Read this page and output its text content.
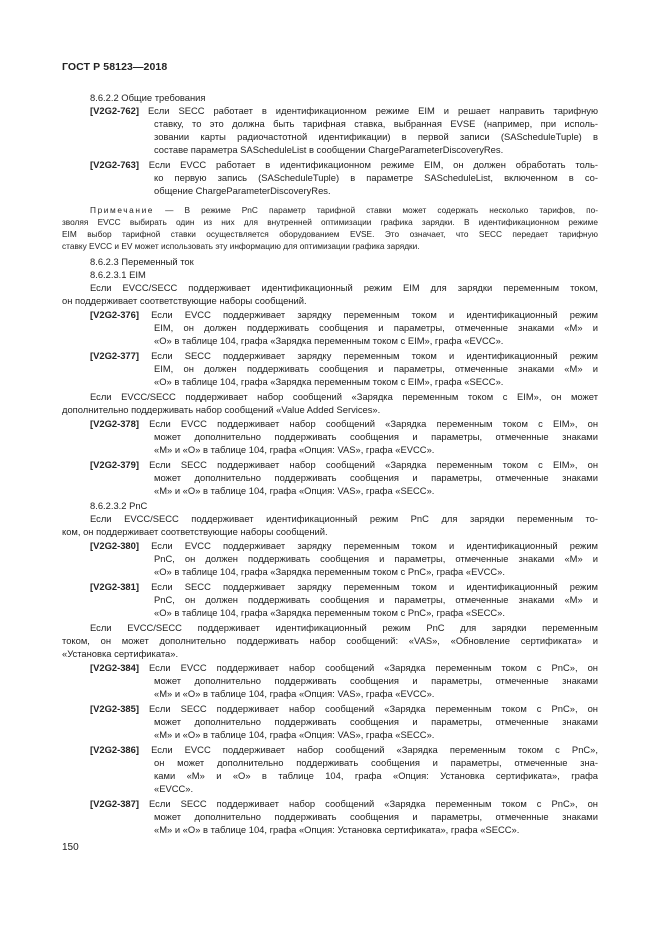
ГОСТ Р 58123—2018
8.6.2.2 Общие требования
[V2G2-762] Если SECC работает в идентификационном режиме EIM и решает направить тарифную
ставку, то это должна быть тарифная ставка, выбранная EVSE (например, при исполь-
зовании карты радиочастотной идентификации) в первой записи (SAScheduleTuple) в
составе параметра SAScheduleList в сообщении ChargeParameterDiscoveryRes.
[V2G2-763] Если EVCC работает в идентификационном режиме EIM, он должен обработать толь-
ко первую запись (SAScheduleTuple) в параметре SAScheduleList, включенном в со-
общение ChargeParameterDiscoveryRes.
8.6.2.3 Переменный ток
8.6.2.3.1 EIM
Если EVCC/SECC поддерживает идентификационный режим EIM для зарядки переменным током,
он поддерживает соответствующие наборы сообщений.
[V2G2-376] Если EVCC поддерживает зарядку переменным током и идентификационный режим
EIM, он должен поддерживать сообщения и параметры, отмеченные знаками «M» и
«O» в таблице 104, графа «Зарядка переменным током с EIM», графа «EVCC».
[V2G2-377] Если SECC поддерживает зарядку переменным током и идентификационный режим
EIM, он должен поддерживать сообщения и параметры, отмеченные знаками «M» и
«O» в таблице 104, графа «Зарядка переменным током с EIM», графа «SECC».
Если EVCC/SECC поддерживает набор сообщений «Зарядка переменным током с EIM», он может
дополнительно поддерживать набор сообщений «Value Added Services».
[V2G2-378] Если EVCC поддерживает набор сообщений «Зарядка переменным током с EIM», он
может дополнительно поддерживать сообщения и параметры, отмеченные знаками
«M» и «O» в таблице 104, графа «Опция: VAS», графа «EVCC».
[V2G2-379] Если SECC поддерживает набор сообщений «Зарядка переменным током с EIM», он
может дополнительно поддерживать сообщения и параметры, отмеченные знаками
«M» и «O» в таблице 104, графа «Опция: VAS», графа «SECC».
8.6.2.3.2 PnC
Если EVCC/SECC поддерживает идентификационный режим PnC для зарядки переменным то-
ком, он поддерживает соответствующие наборы сообщений.
[V2G2-380] Если EVCC поддерживает зарядку переменным током и идентификационный режим
PnC, он должен поддерживать сообщения и параметры, отмеченные знаками «M» и
«O» в таблице 104, графа «Зарядка переменным током с PnC», графа «EVCC».
[V2G2-381] Если SECC поддерживает зарядку переменным током и идентификационный режим
PnC, он должен поддерживать сообщения и параметры, отмеченные знаками «M» и
«O» в таблице 104, графа «Зарядка переменным током с PnC», графа «SECC».
Если EVCC/SECC поддерживает идентификационный режим PnC для зарядки переменным
током, он может дополнительно поддерживать набор сообщений: «VAS», «Обновление сертификата» и
«Установка сертификата».
[V2G2-384] Если EVCC поддерживает набор сообщений «Зарядка переменным током с PnC», он
может дополнительно поддерживать сообщения и параметры, отмеченные знаками
«M» и «O» в таблице 104, графа «Опция: VAS», графа «EVCC».
[V2G2-385] Если SECC поддерживает набор сообщений «Зарядка переменным током с PnC», он
может дополнительно поддерживать сообщения и параметры, отмеченные знаками
«M» и «O» в таблице 104, графа «Опция: VAS», графа «SECC».
[V2G2-386] Если EVCC поддерживает набор сообщений «Зарядка переменным током с PnC»,
он может дополнительно поддерживать сообщения и параметры, отмеченные зна-
ками «M» и «O» в таблице 104, графа «Опция: Установка сертификата», графа
«EVCC».
[V2G2-387] Если SECC поддерживает набор сообщений «Зарядка переменным током с PnC», он
может дополнительно поддерживать сообщения и параметры, отмеченные знаками
«M» и «O» в таблице 104, графа «Опция: Установка сертификата», графа «SECC».
Примечание — В режиме PnC параметр тарифной ставки может содержать несколько тарифов, по-
зволяя EVCC выбирать один из них для внутренней оптимизации графика зарядки. В идентификационном режиме
EIM выбор тарифной ставки осуществляется оборудованием EVSE. Это означает, что SECC передает тарифную
ставку EVCC и EV может использовать эту информацию для оптимизации графика зарядки.
150
